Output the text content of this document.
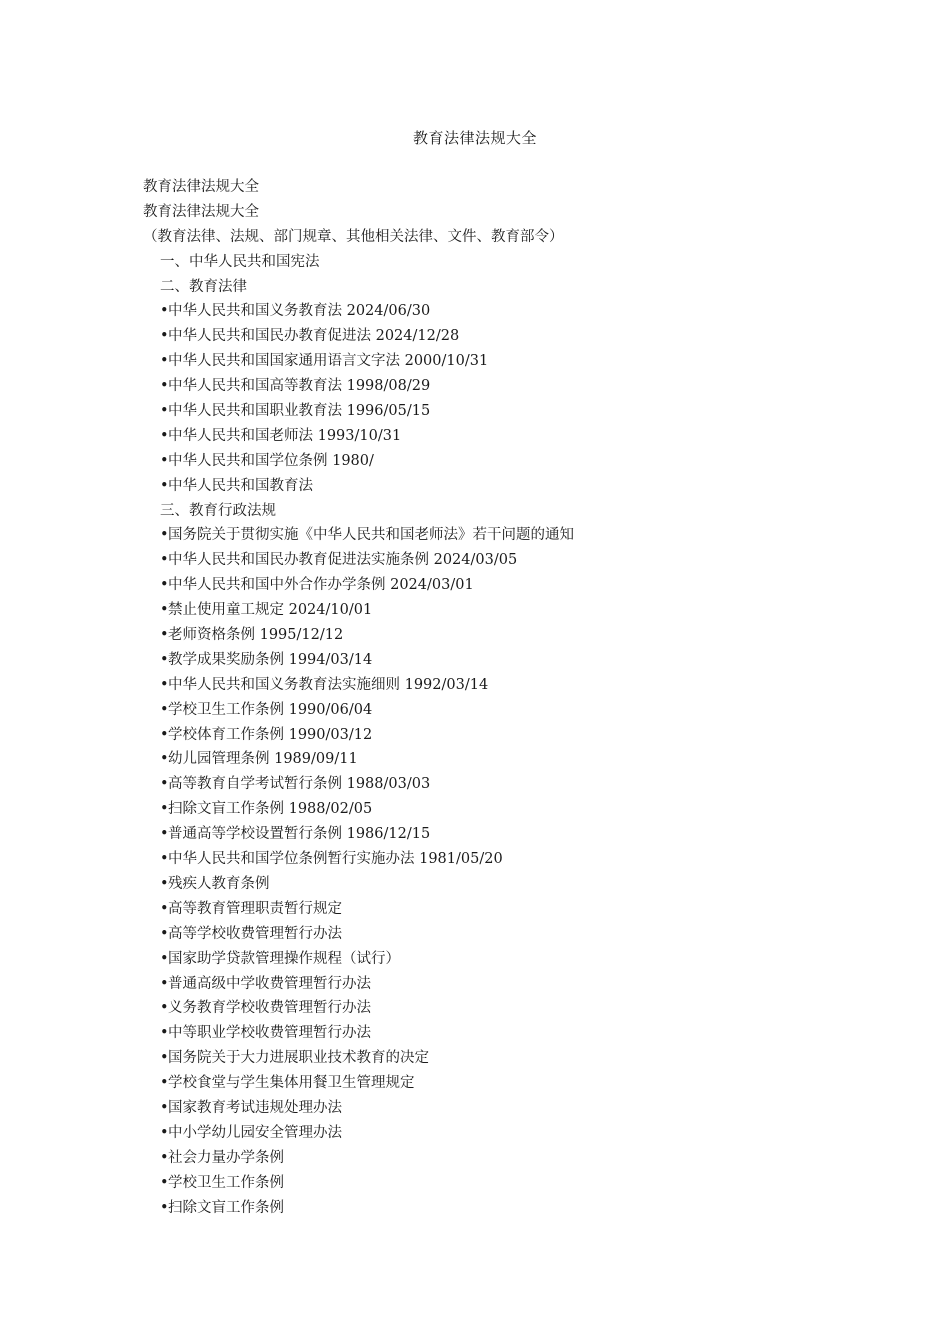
教育法律法规大全
教育法律法规大全
教育法律法规大全
（教育法律、法规、部门规章、其他相关法律、文件、教育部令）
一、中华人民共和国宪法
二、教育法律
•中华人民共和国义务教育法 2024/06/30
•中华人民共和国民办教育促进法 2024/12/28
•中华人民共和国国家通用语言文字法 2000/10/31
•中华人民共和国高等教育法 1998/08/29
•中华人民共和国职业教育法 1996/05/15
•中华人民共和国老师法 1993/10/31
•中华人民共和国学位条例 1980/
•中华人民共和国教育法
三、教育行政法规
•国务院关于贯彻实施《中华人民共和国老师法》若干问题的通知
•中华人民共和国民办教育促进法实施条例 2024/03/05
•中华人民共和国中外合作办学条例 2024/03/01
•禁止使用童工规定 2024/10/01
•老师资格条例 1995/12/12
•教学成果奖励条例 1994/03/14
•中华人民共和国义务教育法实施细则 1992/03/14
•学校卫生工作条例 1990/06/04
•学校体育工作条例 1990/03/12
•幼儿园管理条例 1989/09/11
•高等教育自学考试暂行条例 1988/03/03
•扫除文盲工作条例 1988/02/05
•普通高等学校设置暂行条例 1986/12/15
•中华人民共和国学位条例暂行实施办法 1981/05/20
•残疾人教育条例
•高等教育管理职责暂行规定
•高等学校收费管理暂行办法
•国家助学贷款管理操作规程（试行）
•普通高级中学收费管理暂行办法
•义务教育学校收费管理暂行办法
•中等职业学校收费管理暂行办法
•国务院关于大力进展职业技术教育的决定
•学校食堂与学生集体用餐卫生管理规定
•国家教育考试违规处理办法
•中小学幼儿园安全管理办法
•社会力量办学条例
•学校卫生工作条例
•扫除文盲工作条例
